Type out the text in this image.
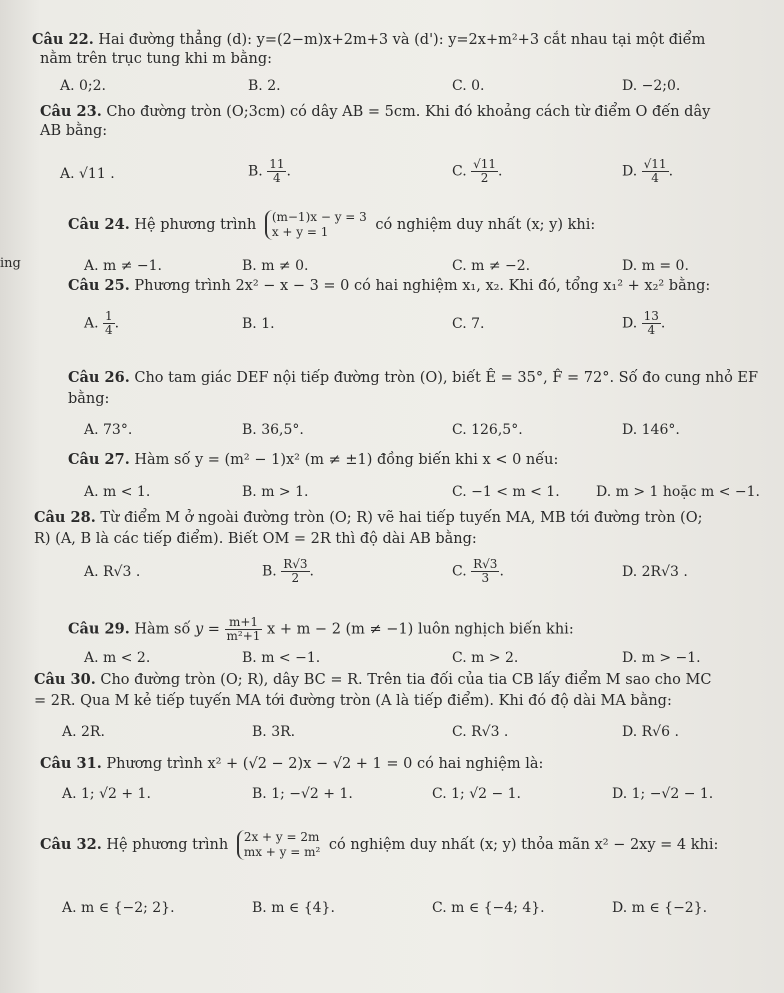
ing
Câu 22. Hai đường thẳng (d): y=(2−m)x+2m+3 và (d'): y=2x+m²+3 cắt nhau tại một điểm
nằm trên trục tung khi m bằng:
A. 0;2.	B. 2.	C. 0.	D. −2;0.
Câu 23. Cho đường tròn (O;3cm) có dây AB = 5cm. Khi đó khoảng cách từ điểm O đến dây
AB bằng:
A. √11 .	B. $\frac{11}{4}$ .	C. $\frac{√11}{2}$ .	D. $\frac{√11}{4}$ .
Câu 24. Hệ phương trình (m−1)x − y = 3
x + y = 1	có nghiệm duy nhất (x; y) khi:
A. m ≠ −1.	B. m ≠ 0.	C. m ≠ −2.	D. m = 0.
Câu 25. Phương trình 2x² − x − 3 = 0 có hai nghiệm x₁, x₂. Khi đó, tổng x₁² + x₂² bằng:
A. $\frac{1}{4}$ .	B. 1.	C. 7.	D. $\frac{13}{4}$ .
Câu 26. Cho tam giác DEF nội tiếp đường tròn (O), biết Ê = 35°, F̂ = 72°. Số đo cung nhỏ EF
bằng:
A. 73°.	B. 36,5°.	C. 126,5°.	D. 146°.
Câu 27. Hàm số y = (m² − 1)x² (m ≠ ±1) đồng biến khi x < 0 nếu:
A. m < 1.	B. m > 1.	C. −1 < m < 1.	D. m > 1 hoặc m < −1.
Câu 28. Từ điểm M ở ngoài đường tròn (O; R) vẽ hai tiếp tuyến MA, MB tới đường tròn (O;
R) (A, B là các tiếp điểm). Biết OM = 2R thì độ dài AB bằng:
A. R√3 .	B. $\frac{R√3}{2}$ .	C. $\frac{R√3}{3}$ .	D. 2R√3 .
Câu 29. Hàm số $y = \frac{m+1}{\text{m²+1}}$ x + m − 2 (m ≠ −1) luôn nghịch biến khi:
A. m < 2.	B. m < −1.	C. m > 2.	D. m > −1.
Câu 30. Cho đường tròn (O; R), dây BC = R. Trên tia đối của tia CB lấy điểm M sao cho MC
= 2R. Qua M kẻ tiếp tuyến MA tới đường tròn (A là tiếp điểm). Khi đó độ dài MA bằng:
A. 2R.	B. 3R.	C. R√3 .	D. R√6 .
Câu 31. Phương trình x² + (√2 − 2)x − √2 + 1 = 0 có hai nghiệm là:
A. 1; √2 + 1.	B. 1; −√2 + 1.	C. 1; √2 − 1.	D. 1; −√2 − 1.
Câu 32. Hệ phương trình 2x + y = 2m
mx + y = m² có nghiệm duy nhất (x; y) thỏa mãn x² − 2xy = 4 khi:
A. m ∈ {−2; 2}.	B. m ∈ {4}.	C. m ∈ {−4; 4}.	D. m ∈ {−2}.
